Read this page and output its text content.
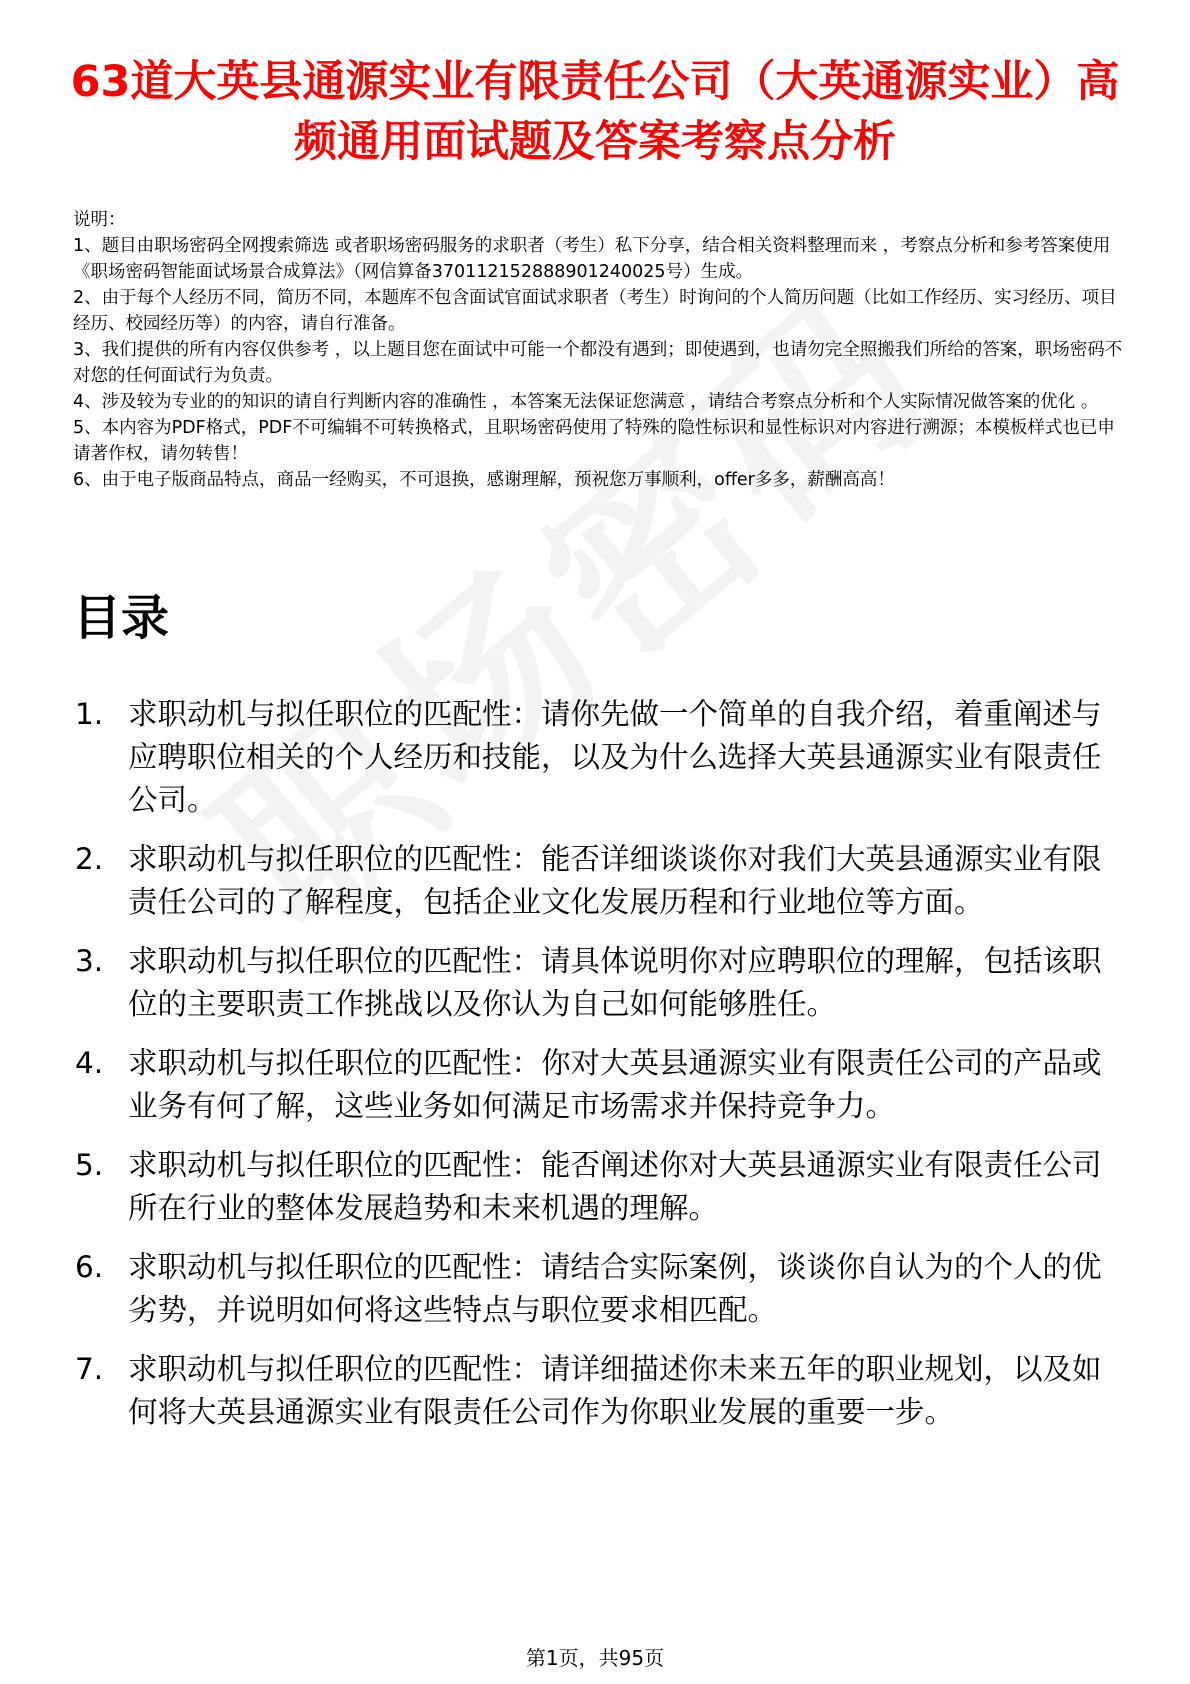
63道大英县通源实业有限责任公司（大英通源实业）高频通用面试题及答案考察点分析

说明：

1、题目由职场密码全网搜索筛选 或者职场密码服务的求职者（考生）私下分享，结合相关资料整理而来 ，考察点分析和参考答案使用《职场密码智能面试场景合成算法》（网信算备370112152888901240025号）生成。

2、由于每个人经历不同，简历不同，本题库不包含面试官面试求职者（考生）时询问的个人简历问题（比如工作经历、实习经历、项目经历、校园经历等）的内容，请自行准备。

3、我们提供的所有内容仅供参考 ，以上题目您在面试中可能一个都没有遇到；即使遇到，也请勿完全照搬我们所给的答案，职场密码不对您的任何面试行为负责。

4、涉及较为专业的的知识的请自行判断内容的准确性 ，本答案无法保证您满意 ，请结合考察点分析和个人实际情况做答案的优化 。

5、本内容为PDF格式，PDF不可编辑不可转换格式，且职场密码使用了特殊的隐性标识和显性标识对内容进行溯源；本模板样式也已申请著作权，请勿转售！

6、由于电子版商品特点，商品一经购买，不可退换，感谢理解，预祝您万事顺利，offer多多，薪酬高高！

目录
1. 求职动机与拟任职位的匹配性：请你先做一个简单的自我介绍，着重阐述与应聘职位相关的个人经历和技能，以及为什么选择大英县通源实业有限责任公司。
2. 求职动机与拟任职位的匹配性：能否详细谈谈你对我们大英县通源实业有限责任公司的了解程度，包括企业文化发展历程和行业地位等方面。
3. 求职动机与拟任职位的匹配性：请具体说明你对应聘职位的理解，包括该职位的主要职责工作挑战以及你认为自己如何能够胜任。
4. 求职动机与拟任职位的匹配性：你对大英县通源实业有限责任公司的产品或业务有何了解，这些业务如何满足市场需求并保持竞争力。
5. 求职动机与拟任职位的匹配性：能否阐述你对大英县通源实业有限责任公司所在行业的整体发展趋势和未来机遇的理解。
6. 求职动机与拟任职位的匹配性：请结合实际案例，谈谈你自认为的个人的优劣势，并说明如何将这些特点与职位要求相匹配。
7. 求职动机与拟任职位的匹配性：请详细描述你未来五年的职业规划，以及如何将大英县通源实业有限责任公司作为你职业发展的重要一步。
第1页，共95页
